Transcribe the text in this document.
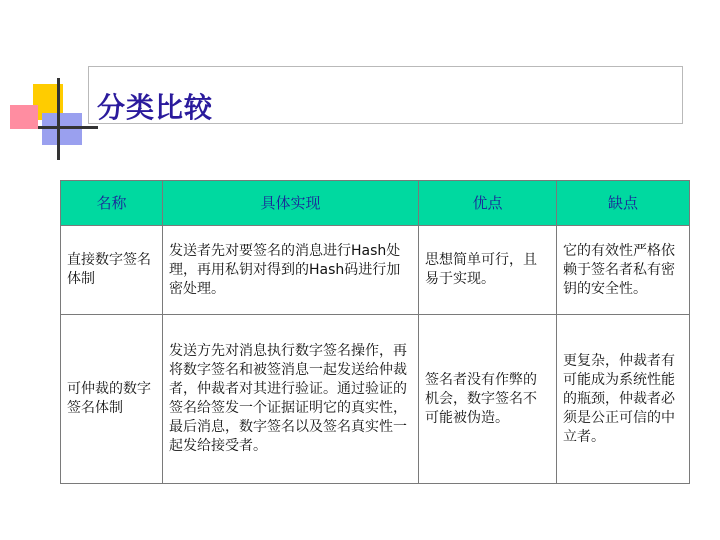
分类比较
名称	具体实现	优点	缺点
直接数字签名体制	发送者先对要签名的消息进行Hash处理，再用私钥对得到的Hash码进行加密处理。	思想简单可行，且易于实现。	它的有效性严格依赖于签名者私有密钥的安全性。
可仲裁的数字签名体制	发送方先对消息执行数字签名操作，再将数字签名和被签消息一起发送给仲裁者，仲裁者对其进行验证。通过验证的签名给签发一个证据证明它的真实性，最后消息，数字签名以及签名真实性一起发给接受者。	签名者没有作弊的机会，数字签名不可能被伪造。	更复杂，仲裁者有可能成为系统性能的瓶颈，仲裁者必须是公正可信的中立者。
